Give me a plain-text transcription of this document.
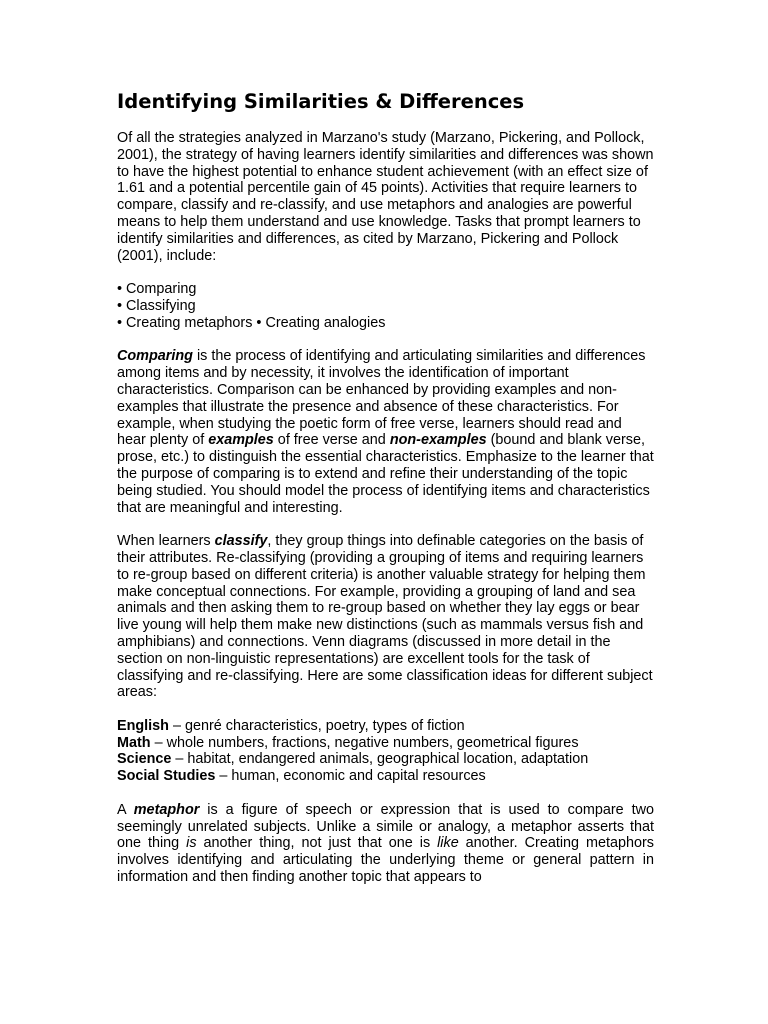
Identifying Similarities & Differences

Of all the strategies analyzed in Marzano's study (Marzano, Pickering, and Pollock, 2001), the strategy of having learners identify similarities and differences was shown to have the highest potential to enhance student achievement (with an effect size of 1.61 and a potential percentile gain of 45 points). Activities that require learners to compare, classify and re-classify, and use metaphors and analogies are powerful means to help them understand and use knowledge. Tasks that prompt learners to identify similarities and differences, as cited by Marzano, Pickering and Pollock (2001), include:

• Comparing
• Classifying
• Creating metaphors • Creating analogies

Comparing is the process of identifying and articulating similarities and differences among items and by necessity, it involves the identification of important characteristics. Comparison can be enhanced by providing examples and non- examples that illustrate the presence and absence of these characteristics. For example, when studying the poetic form of free verse, learners should read and hear plenty of examples of free verse and non-examples (bound and blank verse, prose, etc.) to distinguish the essential characteristics. Emphasize to the learner that the purpose of comparing is to extend and refine their understanding of the topic being studied. You should model the process of identifying items and characteristics that are meaningful and interesting.

When learners classify, they group things into definable categories on the basis of their attributes. Re-classifying (providing a grouping of items and requiring learners to re-group based on different criteria) is another valuable strategy for helping them make conceptual connections. For example, providing a grouping of land and sea animals and then asking them to re-group based on whether they lay eggs or bear live young will help them make new distinctions (such as mammals versus fish and amphibians) and connections. Venn diagrams (discussed in more detail in the section on non-linguistic representations) are excellent tools for the task of classifying and re-classifying. Here are some classification ideas for different subject areas:

English – genré characteristics, poetry, types of fiction
Math – whole numbers, fractions, negative numbers, geometrical figures
Science – habitat, endangered animals, geographical location, adaptation
Social Studies – human, economic and capital resources

A metaphor is a figure of speech or expression that is used to compare two seemingly unrelated subjects. Unlike a simile or analogy, a metaphor asserts that one thing is another thing, not just that one is like another. Creating metaphors involves identifying and articulating the underlying theme or general pattern in information and then finding another topic that appears to
